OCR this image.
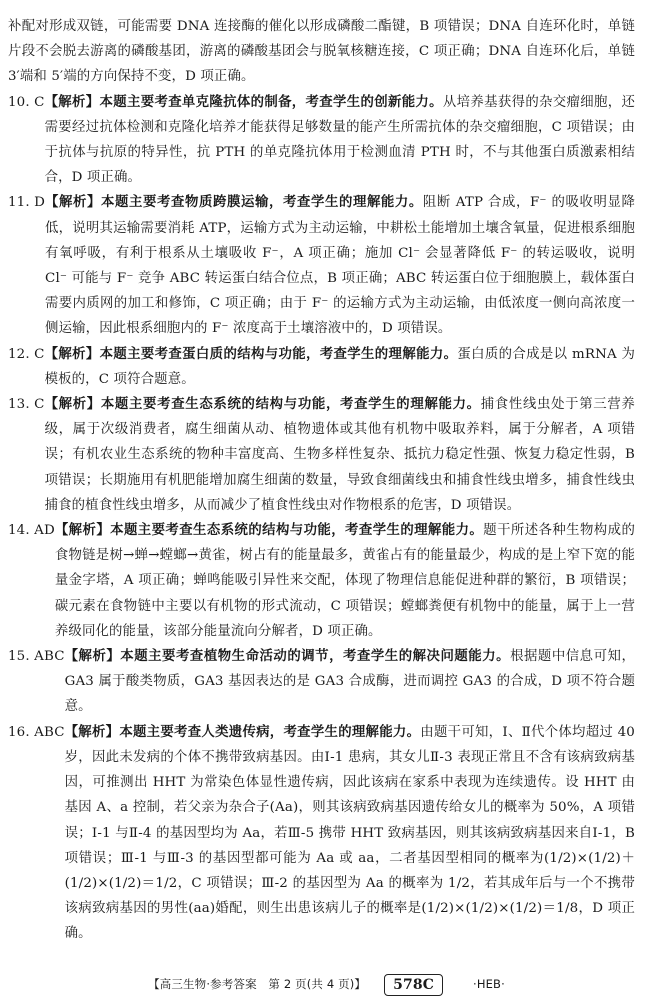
补配对形成双链，可能需要 DNA 连接酶的催化以形成磷酸二酯键，B 项错误；DNA 自连环化时，单链片段不会脱去游离的磷酸基团，游离的磷酸基团会与脱氧核糖连接，C 项正确；DNA 自连环化后，单链 3′端和 5′端的方向保持不变，D 项正确。
10. C 【解析】本题主要考查单克隆抗体的制备，考查学生的创新能力。从培养基获得的杂交瘤细胞，还需要经过抗体检测和克隆化培养才能获得足够数量的能产生所需抗体的杂交瘤细胞，C 项错误；由于抗体与抗原的特异性，抗 PTH 的单克隆抗体用于检测血清 PTH 时，不与其他蛋白质激素相结合，D 项正确。
11. D 【解析】本题主要考查物质跨膜运输，考查学生的理解能力。阻断 ATP 合成，F⁻ 的吸收明显降低，说明其运输需要消耗 ATP，运输方式为主动运输，中耕松土能增加土壤含氧量，促进根系细胞有氧呼吸，有利于根系从土壤吸收 F⁻，A 项正确；施加 Cl⁻ 会显著降低 F⁻ 的转运吸收，说明 Cl⁻ 可能与 F⁻ 竞争 ABC 转运蛋白结合位点，B 项正确；ABC 转运蛋白位于细胞膜上，载体蛋白需要内质网的加工和修饰，C 项正确；由于 F⁻ 的运输方式为主动运输，由低浓度一侧向高浓度一侧运输，因此根系细胞内的 F⁻ 浓度高于土壤溶液中的，D 项错误。
12. C 【解析】本题主要考查蛋白质的结构与功能，考查学生的理解能力。蛋白质的合成是以 mRNA 为模板的，C 项符合题意。
13. C 【解析】本题主要考查生态系统的结构与功能，考查学生的理解能力。捕食性线虫处于第三营养级，属于次级消费者，腐生细菌从动、植物遗体或其他有机物中吸取养料，属于分解者，A 项错误；有机农业生态系统的物种丰富度高、生物多样性复杂、抵抗力稳定性强、恢复力稳定性弱，B 项错误；长期施用有机肥能增加腐生细菌的数量，导致食细菌线虫和捕食性线虫增多，捕食性线虫捕食的植食性线虫增多，从而减少了植食性线虫对作物根系的危害，D 项错误。
14. AD 【解析】本题主要考查生态系统的结构与功能，考查学生的理解能力。题干所述各种生物构成的食物链是树→蝉→螳螂→黄雀，树占有的能量最多，黄雀占有的能量最少，构成的是上窄下宽的能量金字塔，A 项正确；蝉鸣能吸引异性来交配，体现了物理信息能促进种群的繁衍，B 项错误；碳元素在食物链中主要以有机物的形式流动，C 项错误；螳螂粪便有机物中的能量，属于上一营养级同化的能量，该部分能量流向分解者，D 项正确。
15. ABC 【解析】本题主要考查植物生命活动的调节，考查学生的解决问题能力。根据题中信息可知，GA3 属于酸类物质，GA3 基因表达的是 GA3 合成酶，进而调控 GA3 的合成，D 项不符合题意。
16. ABC 【解析】本题主要考查人类遗传病，考查学生的理解能力。由题干可知，Ⅰ、Ⅱ代个体均超过 40 岁，因此未发病的个体不携带致病基因。由Ⅰ-1 患病，其女儿Ⅱ-3 表现正常且不含有该病致病基因，可推测出 HHT 为常染色体显性遗传病，因此该病在家系中表现为连续遗传。设 HHT 由基因 A、a 控制，若父亲为杂合子(Aa)，则其该病致病基因遗传给女儿的概率为 50%，A 项错误；Ⅰ-1 与Ⅱ-4 的基因型均为 Aa，若Ⅲ-5 携带 HHT 致病基因，则其该病致病基因来自Ⅰ-1，B 项错误；Ⅲ-1 与Ⅲ-3 的基因型都可能为 Aa 或 aa，二者基因型相同的概率为(1/2)×(1/2)＋(1/2)×(1/2)＝1/2，C 项错误；Ⅲ-2 的基因型为 Aa 的概率为 1/2，若其成年后与一个不携带该病致病基因的男性(aa)婚配，则生出患该病儿子的概率是(1/2)×(1/2)×(1/2)＝1/8，D 项正确。
【高三生物·参考答案　第 2 页(共 4 页)】	578C	·HEB·
